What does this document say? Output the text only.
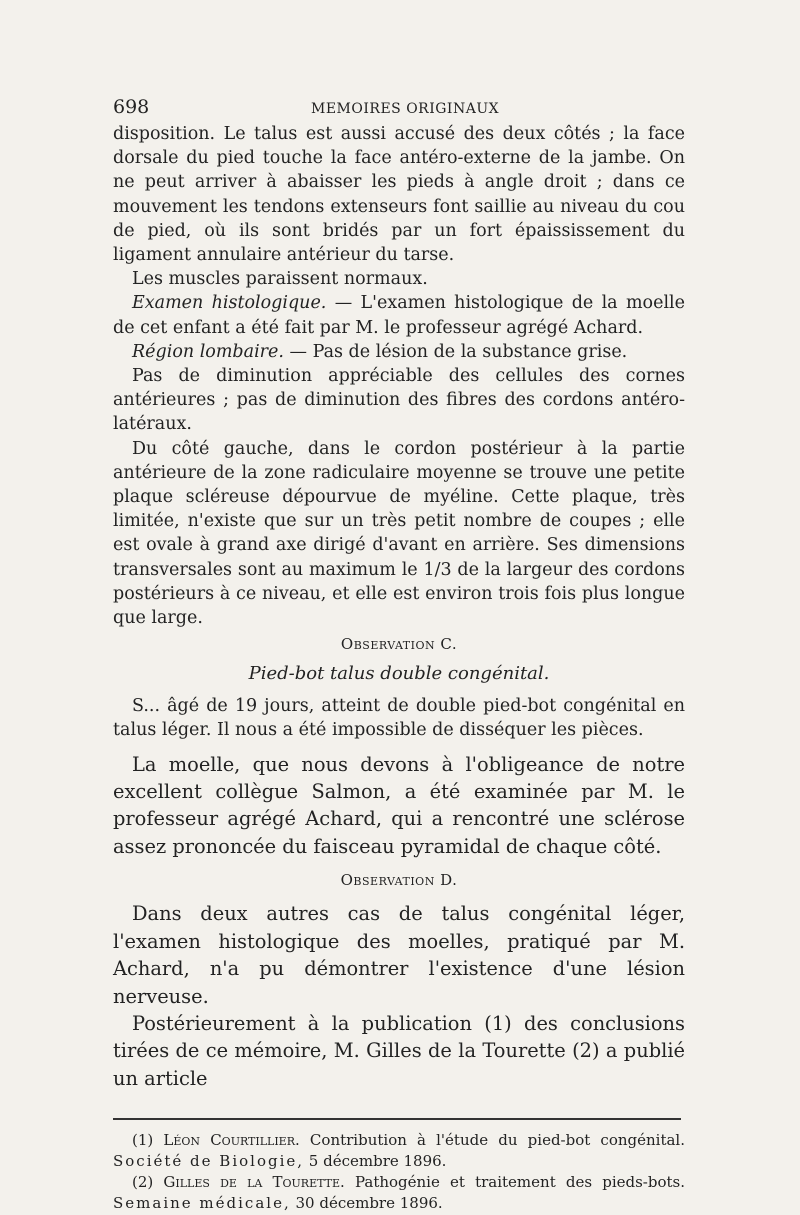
698	MEMOIRES ORIGINAUX

disposition. Le talus est aussi accusé des deux côtés ; la face dorsale du pied touche la face antéro-externe de la jambe. On ne peut arriver à abaisser les pieds à angle droit ; dans ce mouvement les tendons extenseurs font saillie au niveau du cou de pied, où ils sont bridés par un fort épaississement du ligament annulaire antérieur du tarse.

Les muscles paraissent normaux.

Examen histologique. — L'examen histologique de la moelle de cet enfant a été fait par M. le professeur agrégé Achard.

Région lombaire. — Pas de lésion de la substance grise.

Pas de diminution appréciable des cellules des cornes antérieures ; pas de diminution des fibres des cordons antéro-latéraux.

Du côté gauche, dans le cordon postérieur à la partie antérieure de la zone radiculaire moyenne se trouve une petite plaque scléreuse dépourvue de myéline. Cette plaque, très limitée, n'existe que sur un très petit nombre de coupes ; elle est ovale à grand axe dirigé d'avant en arrière. Ses dimensions transversales sont au maximum le 1/3 de la largeur des cordons postérieurs à ce niveau, et elle est environ trois fois plus longue que large.

Observation C.
Pied-bot talus double congénital.

S... âgé de 19 jours, atteint de double pied-bot congénital en talus léger. Il nous a été impossible de disséquer les pièces.

La moelle, que nous devons à l'obligeance de notre excellent collègue Salmon, a été examinée par M. le professeur agrégé Achard, qui a rencontré une sclérose assez prononcée du faisceau pyramidal de chaque côté.

Observation D.

Dans deux autres cas de talus congénital léger, l'examen histologique des moelles, pratiqué par M. Achard, n'a pu démontrer l'existence d'une lésion nerveuse.

Postérieurement à la publication (1) des conclusions tirées de ce mémoire, M. Gilles de la Tourette (2) a publié un article

(1) Léon Courtillier. Contribution à l'étude du pied-bot congénital. Société de Biologie, 5 décembre 1896.

(2) Gilles de la Tourette. Pathogénie et traitement des pieds-bots. Semaine médicale, 30 décembre 1896.
